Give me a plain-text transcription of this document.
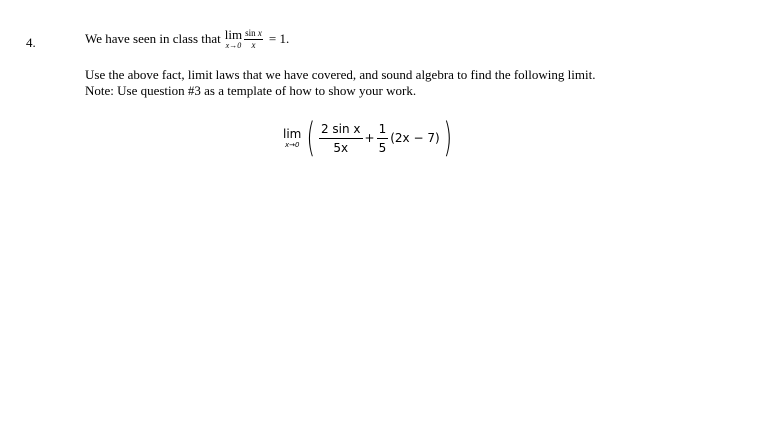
4.	We have seen in class that lim
$x\to 0 \frac{\text{sin x}}{x} = 1$.
Use the above fact, limit laws that we have covered, and sound algebra to find the following limit.
Note: Use question #3 as a template of how to show your work.
lim
x→0 ( $\frac{\text{2 sin x}}{5x} + \frac{1}{5} (2x - 7)$ )
